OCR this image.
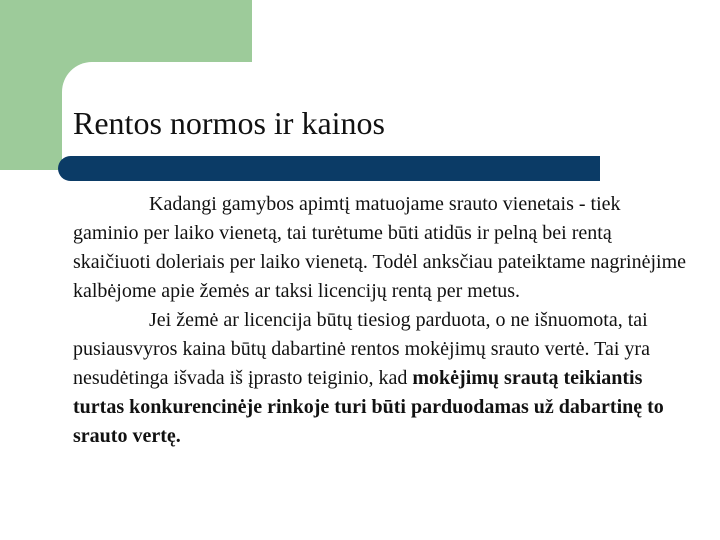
Rentos normos ir kainos

Kadangi gamybos apimtį matuojame srauto vienetais - tiek gaminio per laiko vienetą, tai turėtume būti atidūs ir pelną bei rentą skaičiuoti doleriais per laiko vienetą. Todėl anksčiau pateiktame nagrinėjime kalbėjome apie žemės ar taksi licencijų rentą per metus.

Jei žemė ar licencija būtų tiesiog parduota, o ne išnuomota, tai pusiausvyros kaina būtų dabartinė rentos mokėjimų srauto vertė. Tai yra nesudėtinga išvada iš įprasto teiginio, kad mokėjimų srautą teikiantis turtas konkurencinėje rinkoje turi būti parduodamas už dabartinę to srauto vertę.
